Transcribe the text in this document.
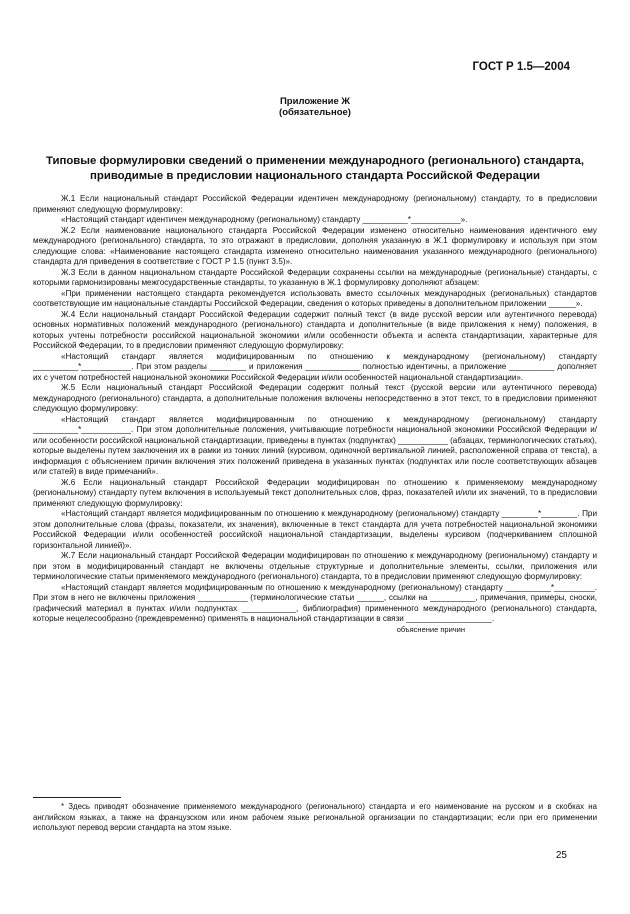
ГОСТ Р 1.5—2004
Приложение Ж
(обязательное)
Типовые формулировки сведений о применении международного (регионального) стандарта,
приводимые в предисловии национального стандарта Российской Федерации

Ж.1 Если национальный стандарт Российской Федерации идентичен международному (региональному) стандарту, то в предисловии применяют следующую формулировку:

«Настоящий стандарт идентичен международному (региональному) стандарту __________*___________».

Ж.2 Если наименование национального стандарта Российской Федерации изменено относительно наименования идентичного ему международного (регионального) стандарта, то это отражают в предисловии, дополняя указанную в Ж.1 формулировку и используя при этом следующие слова: «Наименование настоящего стандарта изменено относительно наименования указанного международного (регионального) стандарта для приведения в соответствие с ГОСТ Р 1.5 (пункт 3.5)».

Ж.3 Если в данном национальном стандарте Российской Федерации сохранены ссылки на международные (региональные) стандарты, с которыми гармонизированы межгосударственные стандарты, то указанную в Ж.1 формулировку дополняют абзацем:

«При применении настоящего стандарта рекомендуется использовать вместо ссылочных международных (региональных) стандартов соответствующие им национальные стандарты Российской Федерации, сведения о которых приведены в дополнительном приложении ______».

Ж.4 Если национальный стандарт Российской Федерации содержит полный текст (в виде русской версии или аутентичного перевода) основных нормативных положений международного (регионального) стандарта и дополнительные (в виде приложения к нему) положения, в которых учтены потребности российской национальной экономики и/или особенности объекта и аспекта стандартизации, характерные для Российской Федерации, то в предисловии применяют следующую формулировку:

«Настоящий стандарт является модифицированным по отношению к международному (региональному) стандарту __________*___________. При этом разделы ________ и приложения ____________ полностью идентичны, а приложение __________ дополняет их с учетом потребностей национальной экономики Российской Федерации и/или особенностей национальной стандартизации».

Ж.5 Если национальный стандарт Российской Федерации содержит полный текст (русской версии или аутентичного перевода) международного (регионального) стандарта, а дополнительные положения включены непосредственно в этот текст, то в предисловии применяют следующую формулировку:

«Настоящий стандарт является модифицированным по отношению к международному (региональному) стандарту __________*___________. При этом дополнительные положения, учитывающие потребности национальной экономики Российской Федерации и/или особенности российской национальной стандартизации, приведены в пунктах (подпунктах) ___________ (абзацах, терминологических статьях), которые выделены путем заключения их в рамки из тонких линий (курсивом, одиночной вертикальной линией, расположенной справа от текста), а информация с объяснением причин включения этих положений приведена в указанных пунктах (подпунктах или после соответствующих абзацев или статей) в виде примечаний».

Ж.6 Если национальный стандарт Российской Федерации модифицирован по отношению к применяемому международному (региональному) стандарту путем включения в используемый текст дополнительных слов, фраз, показателей и/или их значений, то в предисловии применяют следующую формулировку:

«Настоящий стандарт является модифицированным по отношению к международному (региональному) стандарту ________*________. При этом дополнительные слова (фразы, показатели, их значения), включенные в текст стандарта для учета потребностей национальной экономики Российской Федерации и/или особенностей российской национальной стандартизации, выделены курсивом (подчеркиванием сплошной горизонтальной линией)».

Ж.7 Если национальный стандарт Российской Федерации модифицирован по отношению к международному (региональному) стандарту и при этом в модифицированный стандарт не включены отдельные структурные и дополнительные элементы, ссылки, приложения или терминологические статьи применяемого международного (регионального) стандарта, то в предисловии применяют следующую формулировку:

«Настоящий стандарт является модифицированным по отношению к международному (региональному) стандарту __________*_________. При этом в него не включены приложения ___________ (терминологические статьи ______, ссылки на __________, примечания, примеры, сноски, графический материал в пунктах и/или подпунктах ____________, библиография) примененного международного (регионального) стандарта, которые нецелесообразно (преждевременно) применять в национальной стандартизации в связи ___________________.

объяснение причин

* Здесь приводят обозначение применяемого международного (регионального) стандарта и его наименование на русском и в скобках на английском языках, а также на французском или ином рабочем языке региональной организации по стандартизации; если при его применении используют перевод версии стандарта на этом языке.

25
